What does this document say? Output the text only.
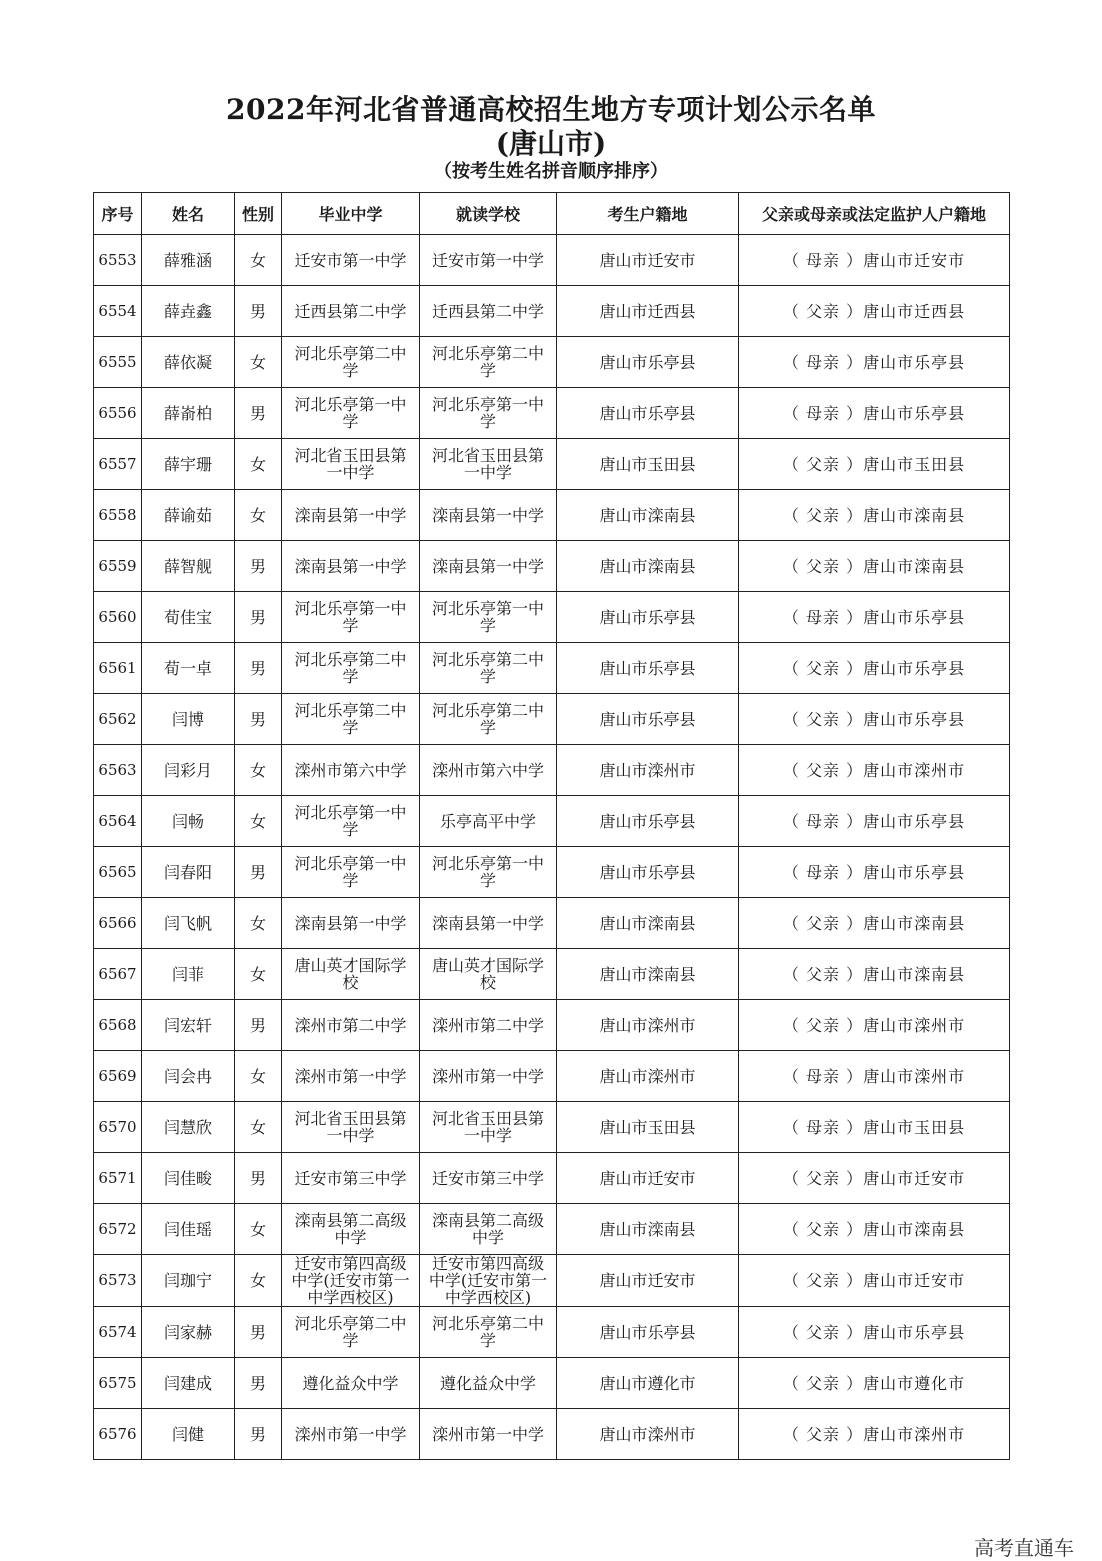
2022年河北省普通高校招生地方专项计划公示名单
(唐山市)
（按考生姓名拼音顺序排序）
序号	姓名	性别	毕业中学	就读学校	考生户籍地	父亲或母亲或法定监护人户籍地
6553	薛雅涵	女	迁安市第一中学	迁安市第一中学	唐山市迁安市	（ 母亲 ）唐山市迁安市
6554	薛垚鑫	男	迁西县第二中学	迁西县第二中学	唐山市迁西县	（ 父亲 ）唐山市迁西县
6555	薛依凝	女	河北乐亭第二中学	河北乐亭第二中学	唐山市乐亭县	（ 母亲 ）唐山市乐亭县
6556	薛嵛柏	男	河北乐亭第一中学	河北乐亭第一中学	唐山市乐亭县	（ 母亲 ）唐山市乐亭县
6557	薛宇珊	女	河北省玉田县第一中学	河北省玉田县第一中学	唐山市玉田县	（ 父亲 ）唐山市玉田县
6558	薛谕茹	女	滦南县第一中学	滦南县第一中学	唐山市滦南县	（ 父亲 ）唐山市滦南县
6559	薛智舰	男	滦南县第一中学	滦南县第一中学	唐山市滦南县	（ 父亲 ）唐山市滦南县
6560	荀佳宝	男	河北乐亭第一中学	河北乐亭第一中学	唐山市乐亭县	（ 母亲 ）唐山市乐亭县
6561	荀一卓	男	河北乐亭第二中学	河北乐亭第二中学	唐山市乐亭县	（ 父亲 ）唐山市乐亭县
6562	闫博	男	河北乐亭第二中学	河北乐亭第二中学	唐山市乐亭县	（ 父亲 ）唐山市乐亭县
6563	闫彩月	女	滦州市第六中学	滦州市第六中学	唐山市滦州市	（ 父亲 ）唐山市滦州市
6564	闫畅	女	河北乐亭第一中学	乐亭高平中学	唐山市乐亭县	（ 母亲 ）唐山市乐亭县
6565	闫春阳	男	河北乐亭第一中学	河北乐亭第一中学	唐山市乐亭县	（ 母亲 ）唐山市乐亭县
6566	闫飞帆	女	滦南县第一中学	滦南县第一中学	唐山市滦南县	（ 父亲 ）唐山市滦南县
6567	闫菲	女	唐山英才国际学校	唐山英才国际学校	唐山市滦南县	（ 父亲 ）唐山市滦南县
6568	闫宏轩	男	滦州市第二中学	滦州市第二中学	唐山市滦州市	（ 父亲 ）唐山市滦州市
6569	闫会冉	女	滦州市第一中学	滦州市第一中学	唐山市滦州市	（ 母亲 ）唐山市滦州市
6570	闫慧欣	女	河北省玉田县第一中学	河北省玉田县第一中学	唐山市玉田县	（ 母亲 ）唐山市玉田县
6571	闫佳畯	男	迁安市第三中学	迁安市第三中学	唐山市迁安市	（ 父亲 ）唐山市迁安市
6572	闫佳瑶	女	滦南县第二高级中学	滦南县第二高级中学	唐山市滦南县	（ 父亲 ）唐山市滦南县
6573	闫珈宁	女	迁安市第四高级中学(迁安市第一中学西校区)	迁安市第四高级中学(迁安市第一中学西校区)	唐山市迁安市	（ 父亲 ）唐山市迁安市
6574	闫家赫	男	河北乐亭第二中学	河北乐亭第二中学	唐山市乐亭县	（ 父亲 ）唐山市乐亭县
6575	闫建成	男	遵化益众中学	遵化益众中学	唐山市遵化市	（ 父亲 ）唐山市遵化市
6576	闫健	男	滦州市第一中学	滦州市第一中学	唐山市滦州市	（ 父亲 ）唐山市滦州市
高考直通车
